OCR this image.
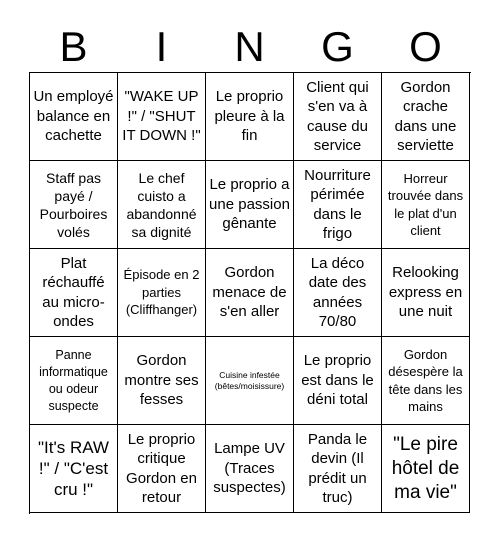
B	I	N	G	O
Un employé balance en cachette
"WAKE UP !" / "SHUT IT DOWN !"
Le proprio pleure à la fin
Client qui s'en va à cause du service
Gordon crache dans une serviette
Staff pas payé / Pourboires volés
Le chef cuisto a abandonné sa dignité
Le proprio a une passion gênante
Nourriture périmée dans le frigo
Horreur trouvée dans le plat d'un client
Plat réchauffé au micro-ondes
Épisode en 2 parties (Cliffhanger)
Gordon menace de s'en aller
La déco date des années 70/80
Relooking express en une nuit
Panne informatique ou odeur suspecte
Gordon montre ses fesses
Cuisine infestée (bêtes/moisissure)
Le proprio est dans le déni total
Gordon désespère la tête dans les mains
"It's RAW !" / "C'est cru !"
Le proprio critique Gordon en retour
Lampe UV (Traces suspectes)
Panda le devin (Il prédit un truc)
"Le pire hôtel de ma vie"
